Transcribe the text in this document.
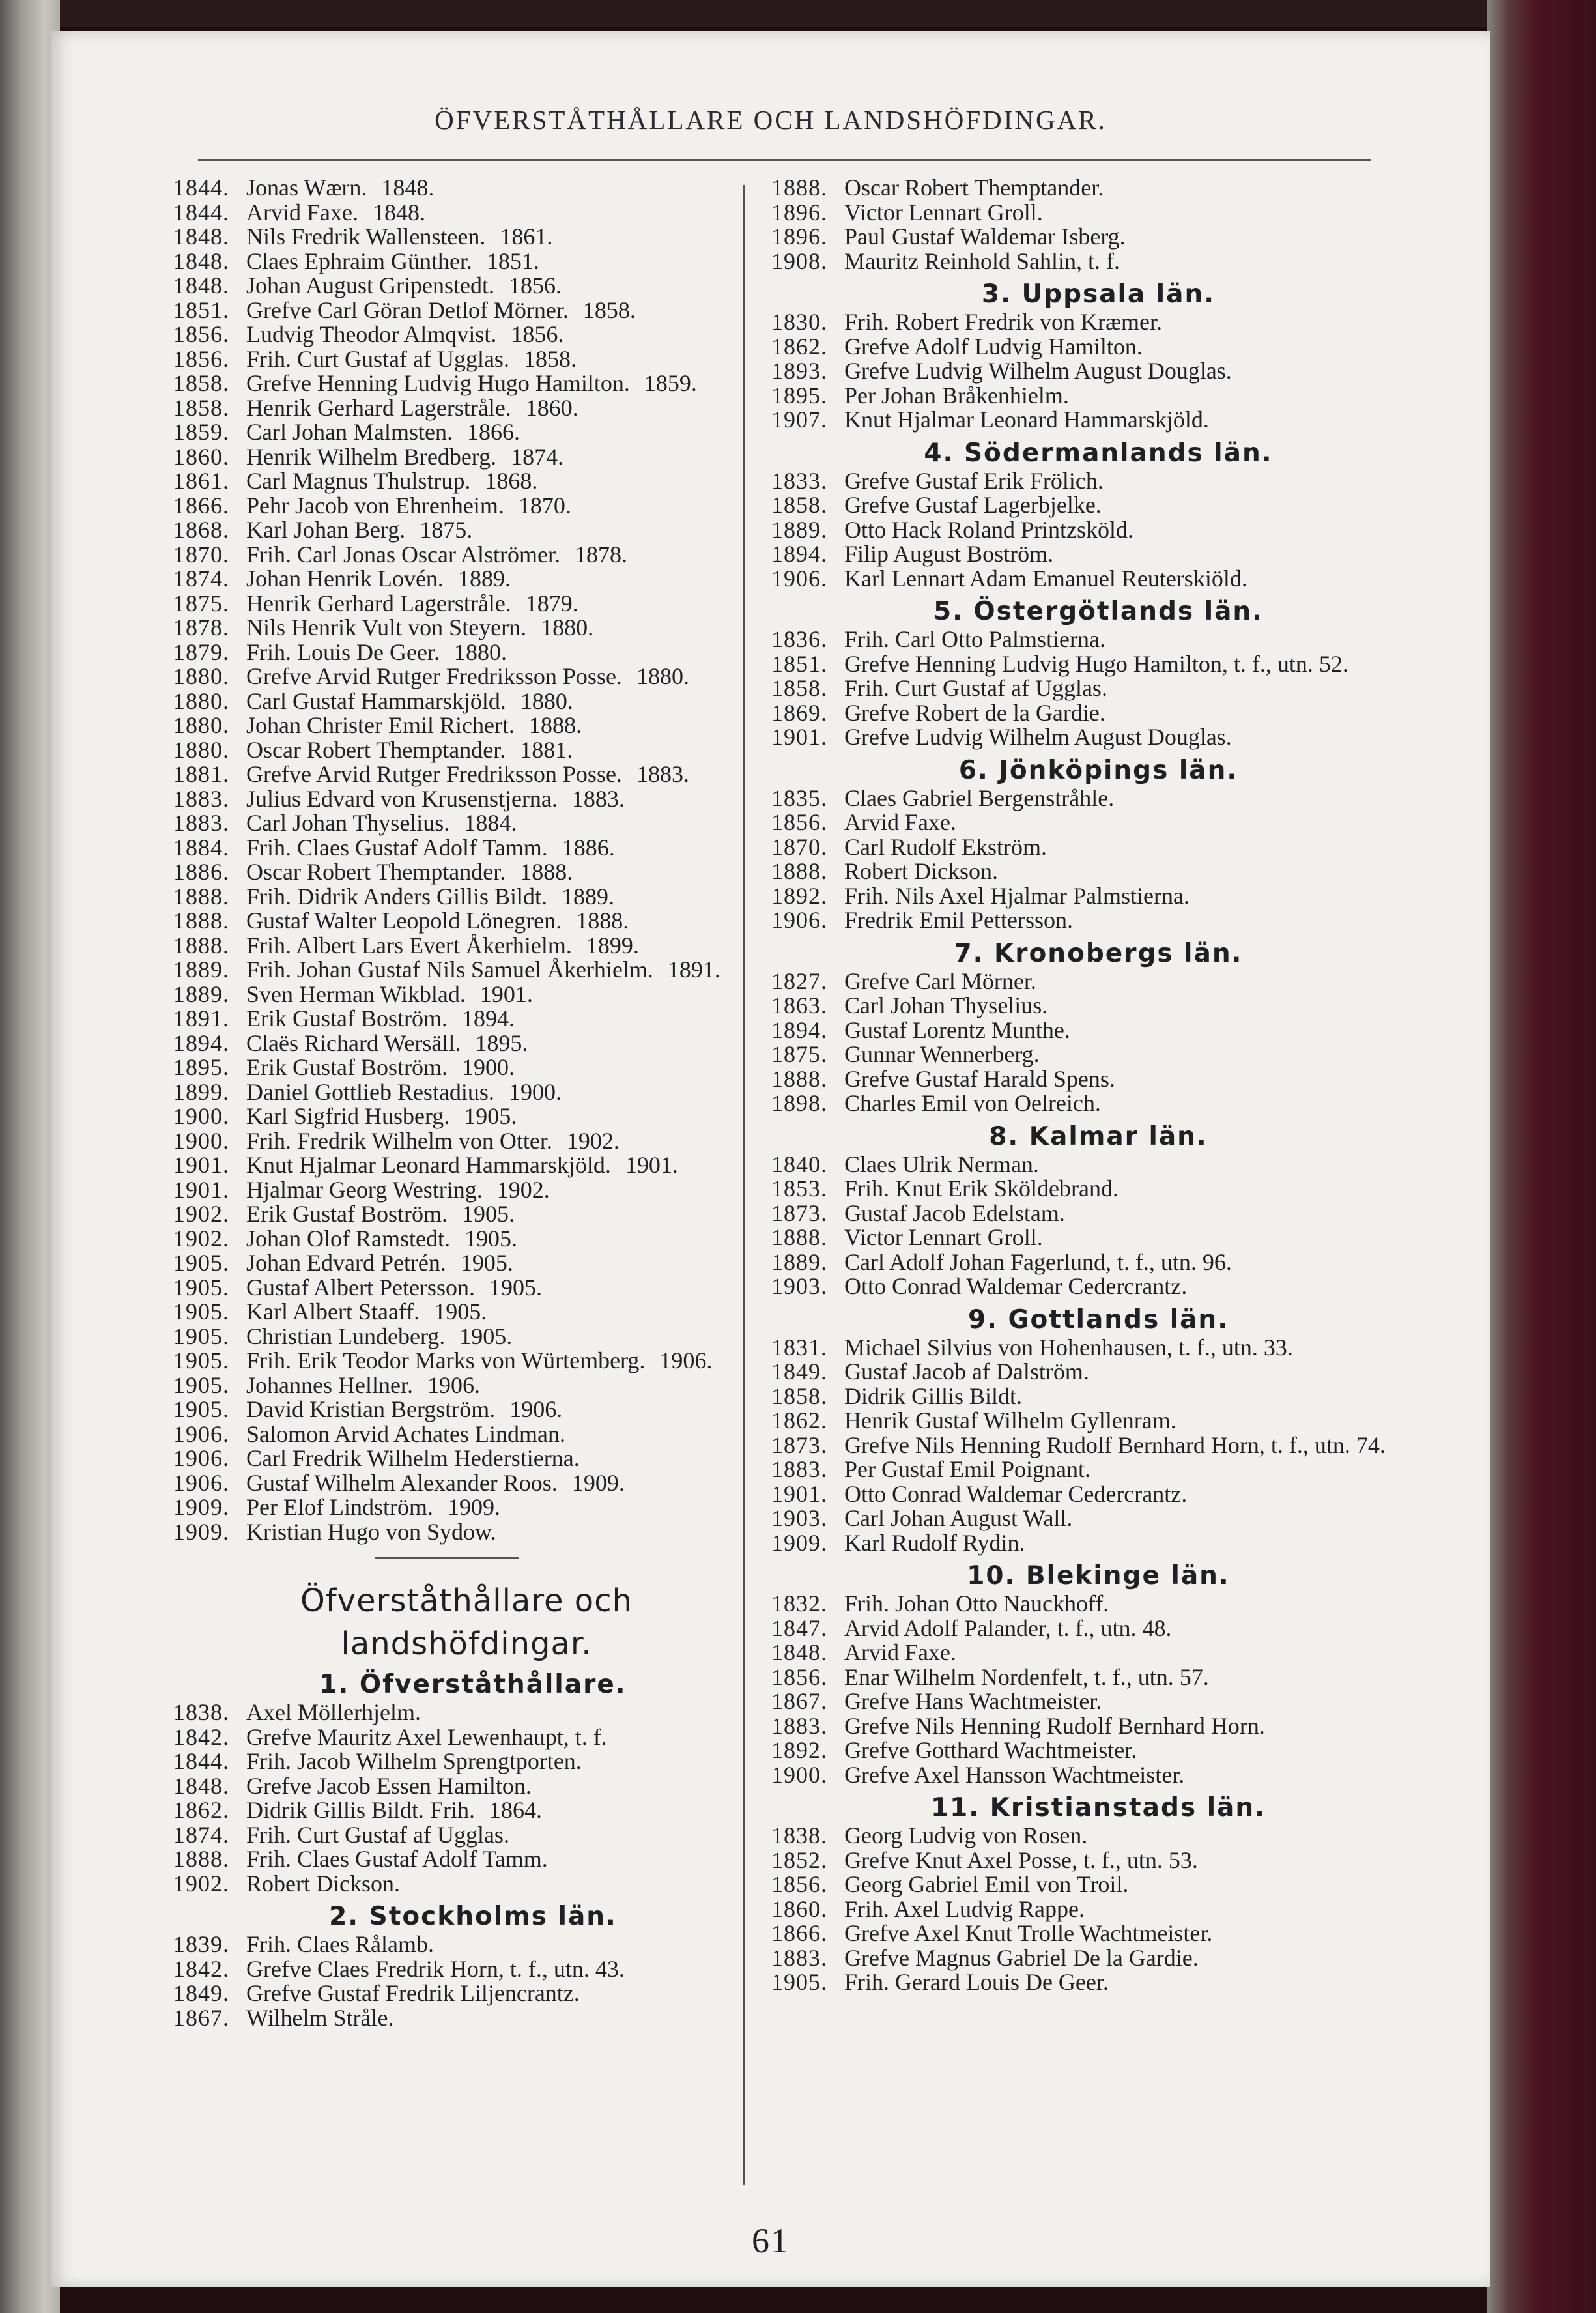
ÖFVERSTÅTHÅLLARE OCH LANDSHÖFDINGAR.
1844. Jonas Wærn. 1848.
1844. Arvid Faxe. 1848.
1848. Nils Fredrik Wallensteen. 1861.
1848. Claes Ephraim Günther. 1851.
1848. Johan August Gripenstedt. 1856.
1851. Grefve Carl Göran Detlof Mörner. 1858.
1856. Ludvig Theodor Almqvist. 1856.
1856. Frih. Curt Gustaf af Ugglas. 1858.
1858. Grefve Henning Ludvig Hugo Hamilton. 1859.
1858. Henrik Gerhard Lagerstråle. 1860.
1859. Carl Johan Malmsten. 1866.
1860. Henrik Wilhelm Bredberg. 1874.
1861. Carl Magnus Thulstrup. 1868.
1866. Pehr Jacob von Ehrenheim. 1870.
1868. Karl Johan Berg. 1875.
1870. Frih. Carl Jonas Oscar Alströmer. 1878.
1874. Johan Henrik Lovén. 1889.
1875. Henrik Gerhard Lagerstråle. 1879.
1878. Nils Henrik Vult von Steyern. 1880.
1879. Frih. Louis De Geer. 1880.
1880. Grefve Arvid Rutger Fredriksson Posse. 1880.
1880. Carl Gustaf Hammarskjöld. 1880.
1880. Johan Christer Emil Richert. 1888.
1880. Oscar Robert Themptander. 1881.
1881. Grefve Arvid Rutger Fredriksson Posse. 1883.
1883. Julius Edvard von Krusenstjerna. 1883.
1883. Carl Johan Thyselius. 1884.
1884. Frih. Claes Gustaf Adolf Tamm. 1886.
1886. Oscar Robert Themptander. 1888.
1888. Frih. Didrik Anders Gillis Bildt. 1889.
1888. Gustaf Walter Leopold Lönegren. 1888.
1888. Frih. Albert Lars Evert Åkerhielm. 1899.
1889. Frih. Johan Gustaf Nils Samuel Åkerhielm. 1891.
1889. Sven Herman Wikblad. 1901.
1891. Erik Gustaf Boström. 1894.
1894. Claës Richard Wersäll. 1895.
1895. Erik Gustaf Boström. 1900.
1899. Daniel Gottlieb Restadius. 1900.
1900. Karl Sigfrid Husberg. 1905.
1900. Frih. Fredrik Wilhelm von Otter. 1902.
1901. Knut Hjalmar Leonard Hammarskjöld. 1901.
1901. Hjalmar Georg Westring. 1902.
1902. Erik Gustaf Boström. 1905.
1902. Johan Olof Ramstedt. 1905.
1905. Johan Edvard Petrén. 1905.
1905. Gustaf Albert Petersson. 1905.
1905. Karl Albert Staaff. 1905.
1905. Christian Lundeberg. 1905.
1905. Frih. Erik Teodor Marks von Würtemberg. 1906.
1905. Johannes Hellner. 1906.
1905. David Kristian Bergström. 1906.
1906. Salomon Arvid Achates Lindman.
1906. Carl Fredrik Wilhelm Hederstierna.
1906. Gustaf Wilhelm Alexander Roos. 1909.
1909. Per Elof Lindström. 1909.
1909. Kristian Hugo von Sydow.
Öfverståthållare och
landshöfdingar.
1. Öfverståthållare.
1838. Axel Möllerhjelm.
1842. Grefve Mauritz Axel Lewenhaupt, t. f.
1844. Frih. Jacob Wilhelm Sprengtporten.
1848. Grefve Jacob Essen Hamilton.
1862. Didrik Gillis Bildt. Frih. 1864.
1874. Frih. Curt Gustaf af Ugglas.
1888. Frih. Claes Gustaf Adolf Tamm.
1902. Robert Dickson.
2. Stockholms län.
1839. Frih. Claes Rålamb.
1842. Grefve Claes Fredrik Horn, t. f., utn. 43.
1849. Grefve Gustaf Fredrik Liljencrantz.
1867. Wilhelm Stråle.
1888. Oscar Robert Themptander.
1896. Victor Lennart Groll.
1896. Paul Gustaf Waldemar Isberg.
1908. Mauritz Reinhold Sahlin, t. f.
3. Uppsala län.
1830. Frih. Robert Fredrik von Kræmer.
1862. Grefve Adolf Ludvig Hamilton.
1893. Grefve Ludvig Wilhelm August Douglas.
1895. Per Johan Bråkenhielm.
1907. Knut Hjalmar Leonard Hammarskjöld.
4. Södermanlands län.
1833. Grefve Gustaf Erik Frölich.
1858. Grefve Gustaf Lagerbjelke.
1889. Otto Hack Roland Printzsköld.
1894. Filip August Boström.
1906. Karl Lennart Adam Emanuel Reuterskiöld.
5. Östergötlands län.
1836. Frih. Carl Otto Palmstierna.
1851. Grefve Henning Ludvig Hugo Hamilton, t. f., utn. 52.
1858. Frih. Curt Gustaf af Ugglas.
1869. Grefve Robert de la Gardie.
1901. Grefve Ludvig Wilhelm August Douglas.
6. Jönköpings län.
1835. Claes Gabriel Bergenstråhle.
1856. Arvid Faxe.
1870. Carl Rudolf Ekström.
1888. Robert Dickson.
1892. Frih. Nils Axel Hjalmar Palmstierna.
1906. Fredrik Emil Pettersson.
7. Kronobergs län.
1827. Grefve Carl Mörner.
1863. Carl Johan Thyselius.
1894. Gustaf Lorentz Munthe.
1875. Gunnar Wennerberg.
1888. Grefve Gustaf Harald Spens.
1898. Charles Emil von Oelreich.
8. Kalmar län.
1840. Claes Ulrik Nerman.
1853. Frih. Knut Erik Sköldebrand.
1873. Gustaf Jacob Edelstam.
1888. Victor Lennart Groll.
1889. Carl Adolf Johan Fagerlund, t. f., utn. 96.
1903. Otto Conrad Waldemar Cedercrantz.
9. Gottlands län.
1831. Michael Silvius von Hohenhausen, t. f., utn. 33.
1849. Gustaf Jacob af Dalström.
1858. Didrik Gillis Bildt.
1862. Henrik Gustaf Wilhelm Gyllenram.
1873. Grefve Nils Henning Rudolf Bernhard Horn, t. f., utn. 74.
1883. Per Gustaf Emil Poignant.
1901. Otto Conrad Waldemar Cedercrantz.
1903. Carl Johan August Wall.
1909. Karl Rudolf Rydin.
10. Blekinge län.
1832. Frih. Johan Otto Nauckhoff.
1847. Arvid Adolf Palander, t. f., utn. 48.
1848. Arvid Faxe.
1856. Enar Wilhelm Nordenfelt, t. f., utn. 57.
1867. Grefve Hans Wachtmeister.
1883. Grefve Nils Henning Rudolf Bernhard Horn.
1892. Grefve Gotthard Wachtmeister.
1900. Grefve Axel Hansson Wachtmeister.
11. Kristianstads län.
1838. Georg Ludvig von Rosen.
1852. Grefve Knut Axel Posse, t. f., utn. 53.
1856. Georg Gabriel Emil von Troil.
1860. Frih. Axel Ludvig Rappe.
1866. Grefve Axel Knut Trolle Wachtmeister.
1883. Grefve Magnus Gabriel De la Gardie.
1905. Frih. Gerard Louis De Geer.
61
